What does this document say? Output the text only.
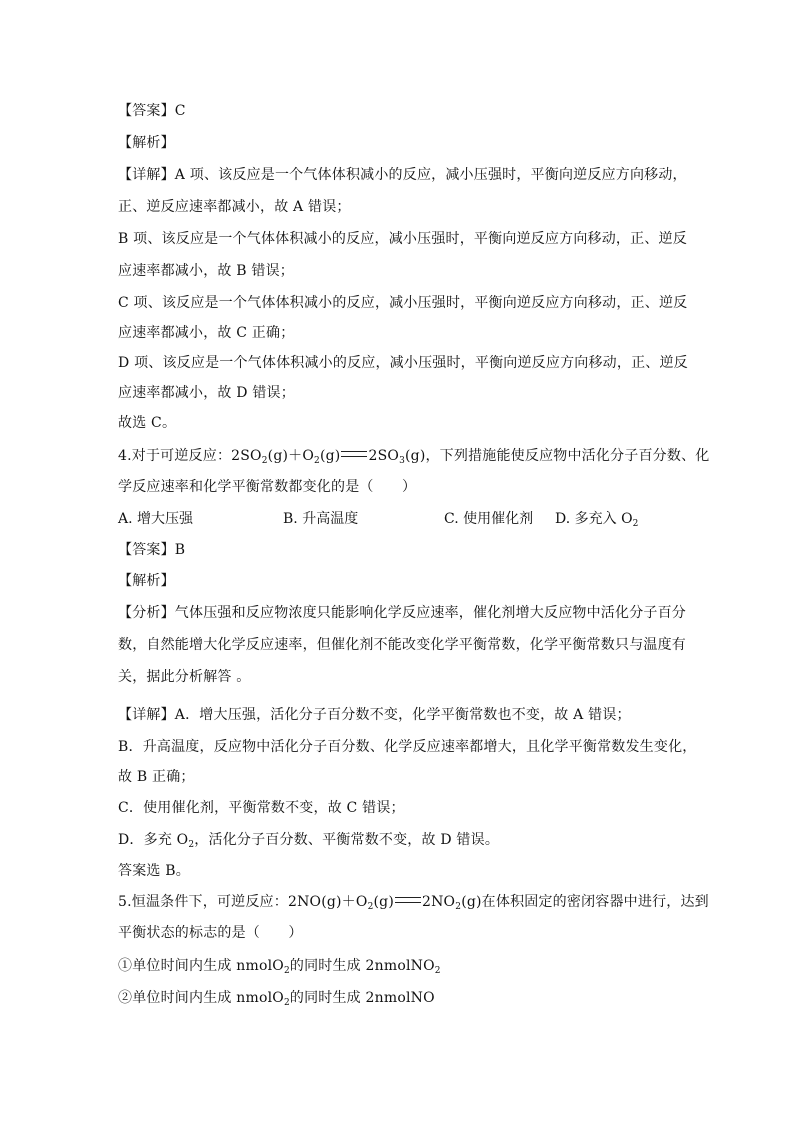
【答案】C
【解析】
【详解】A 项、该反应是一个气体体积减小的反应，减小压强时，平衡向逆反应方向移动，
正、逆反应速率都减小，故 A 错误；
B 项、该反应是一个气体体积减小的反应，减小压强时，平衡向逆反应方向移动，正、逆反
应速率都减小，故 B 错误；
C 项、该反应是一个气体体积减小的反应，减小压强时，平衡向逆反应方向移动，正、逆反
应速率都减小，故 C 正确；
D 项、该反应是一个气体体积减小的反应，减小压强时，平衡向逆反应方向移动，正、逆反
应速率都减小，故 D 错误；
故选 C。
4.对于可逆反应：$2SO_2(g)+O_2(g)$ $2SO_3(g)$，下列措施能使反应物中活化分子百分数、化
学反应速率和化学平衡常数都变化的是（　　）
A. 增大压强	B. 升高温度	C. 使用催化剂 D. 多充入 $O_2$
【答案】B
【解析】
【分析】气体压强和反应物浓度只能影响化学反应速率，催化剂增大反应物中活化分子百分
数，自然能增大化学反应速率，但催化剂不能改变化学平衡常数，化学平衡常数只与温度有
关，据此分析解答 。
【详解】A．增大压强，活化分子百分数不变，化学平衡常数也不变，故 A 错误；
B．升高温度，反应物中活化分子百分数、化学反应速率都增大，且化学平衡常数发生变化，
故 B 正确；
C．使用催化剂，平衡常数不变，故 C 错误；
D．多充 $O_2$，活化分子百分数、平衡常数不变，故 D 错误。
答案选 B。
5.恒温条件下，可逆反应：$2NO(g)+O_2(g)$ $2NO_2(g)$在体积固定的密闭容器中进行，达到
平衡状态的标志的是（　　）
①单位时间内生成 nmolO$_2$的同时生成 2nmolNO$_2$
②单位时间内生成 nmolO$_2$的同时生成 2nmolNO
